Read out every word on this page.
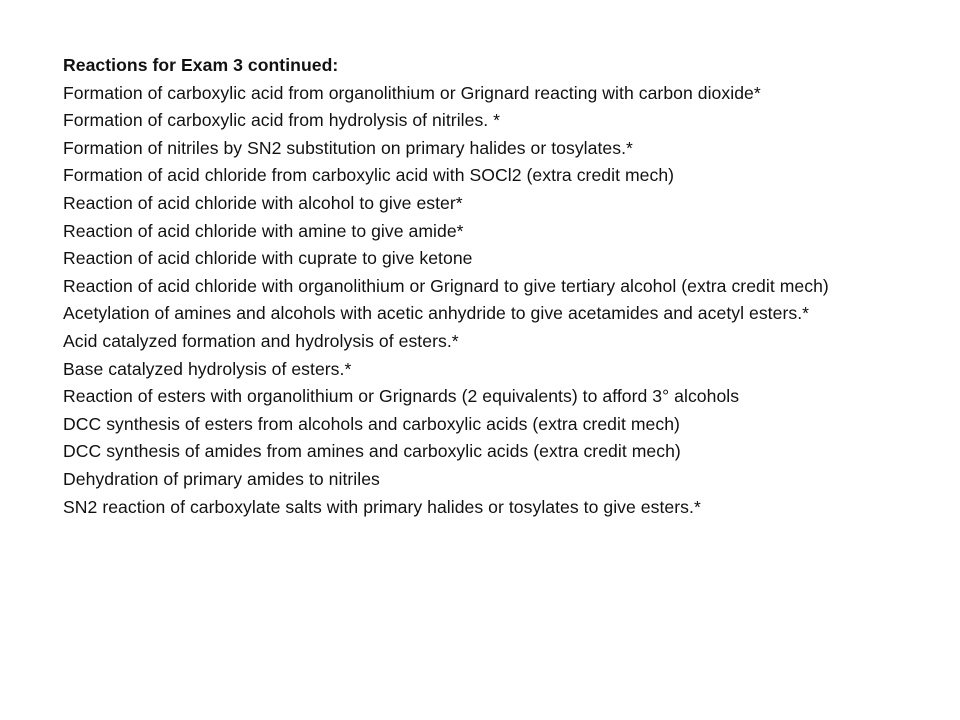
Reactions for Exam 3 continued:
Formation of carboxylic acid from organolithium or Grignard reacting with carbon dioxide*
Formation of carboxylic acid from hydrolysis of nitriles. *
Formation of nitriles by SN2 substitution on primary halides or tosylates.*
Formation of acid chloride from carboxylic acid with SOCl2 (extra credit mech)
Reaction of acid chloride with alcohol to give ester*
Reaction of acid chloride with amine to give amide*
Reaction of acid chloride with cuprate to give ketone
Reaction of acid chloride with organolithium or Grignard to give tertiary alcohol (extra credit mech)
Acetylation of amines and alcohols with acetic anhydride to give acetamides and acetyl esters.*
Acid catalyzed formation and hydrolysis of esters.*
Base catalyzed hydrolysis of esters.*
Reaction of esters with organolithium or Grignards (2 equivalents) to afford 3° alcohols
DCC synthesis of esters from alcohols and carboxylic acids (extra credit mech)
DCC synthesis of amides from amines and carboxylic acids (extra credit mech)
Dehydration of primary amides to nitriles
SN2 reaction of carboxylate salts with primary halides or tosylates to give esters.*
